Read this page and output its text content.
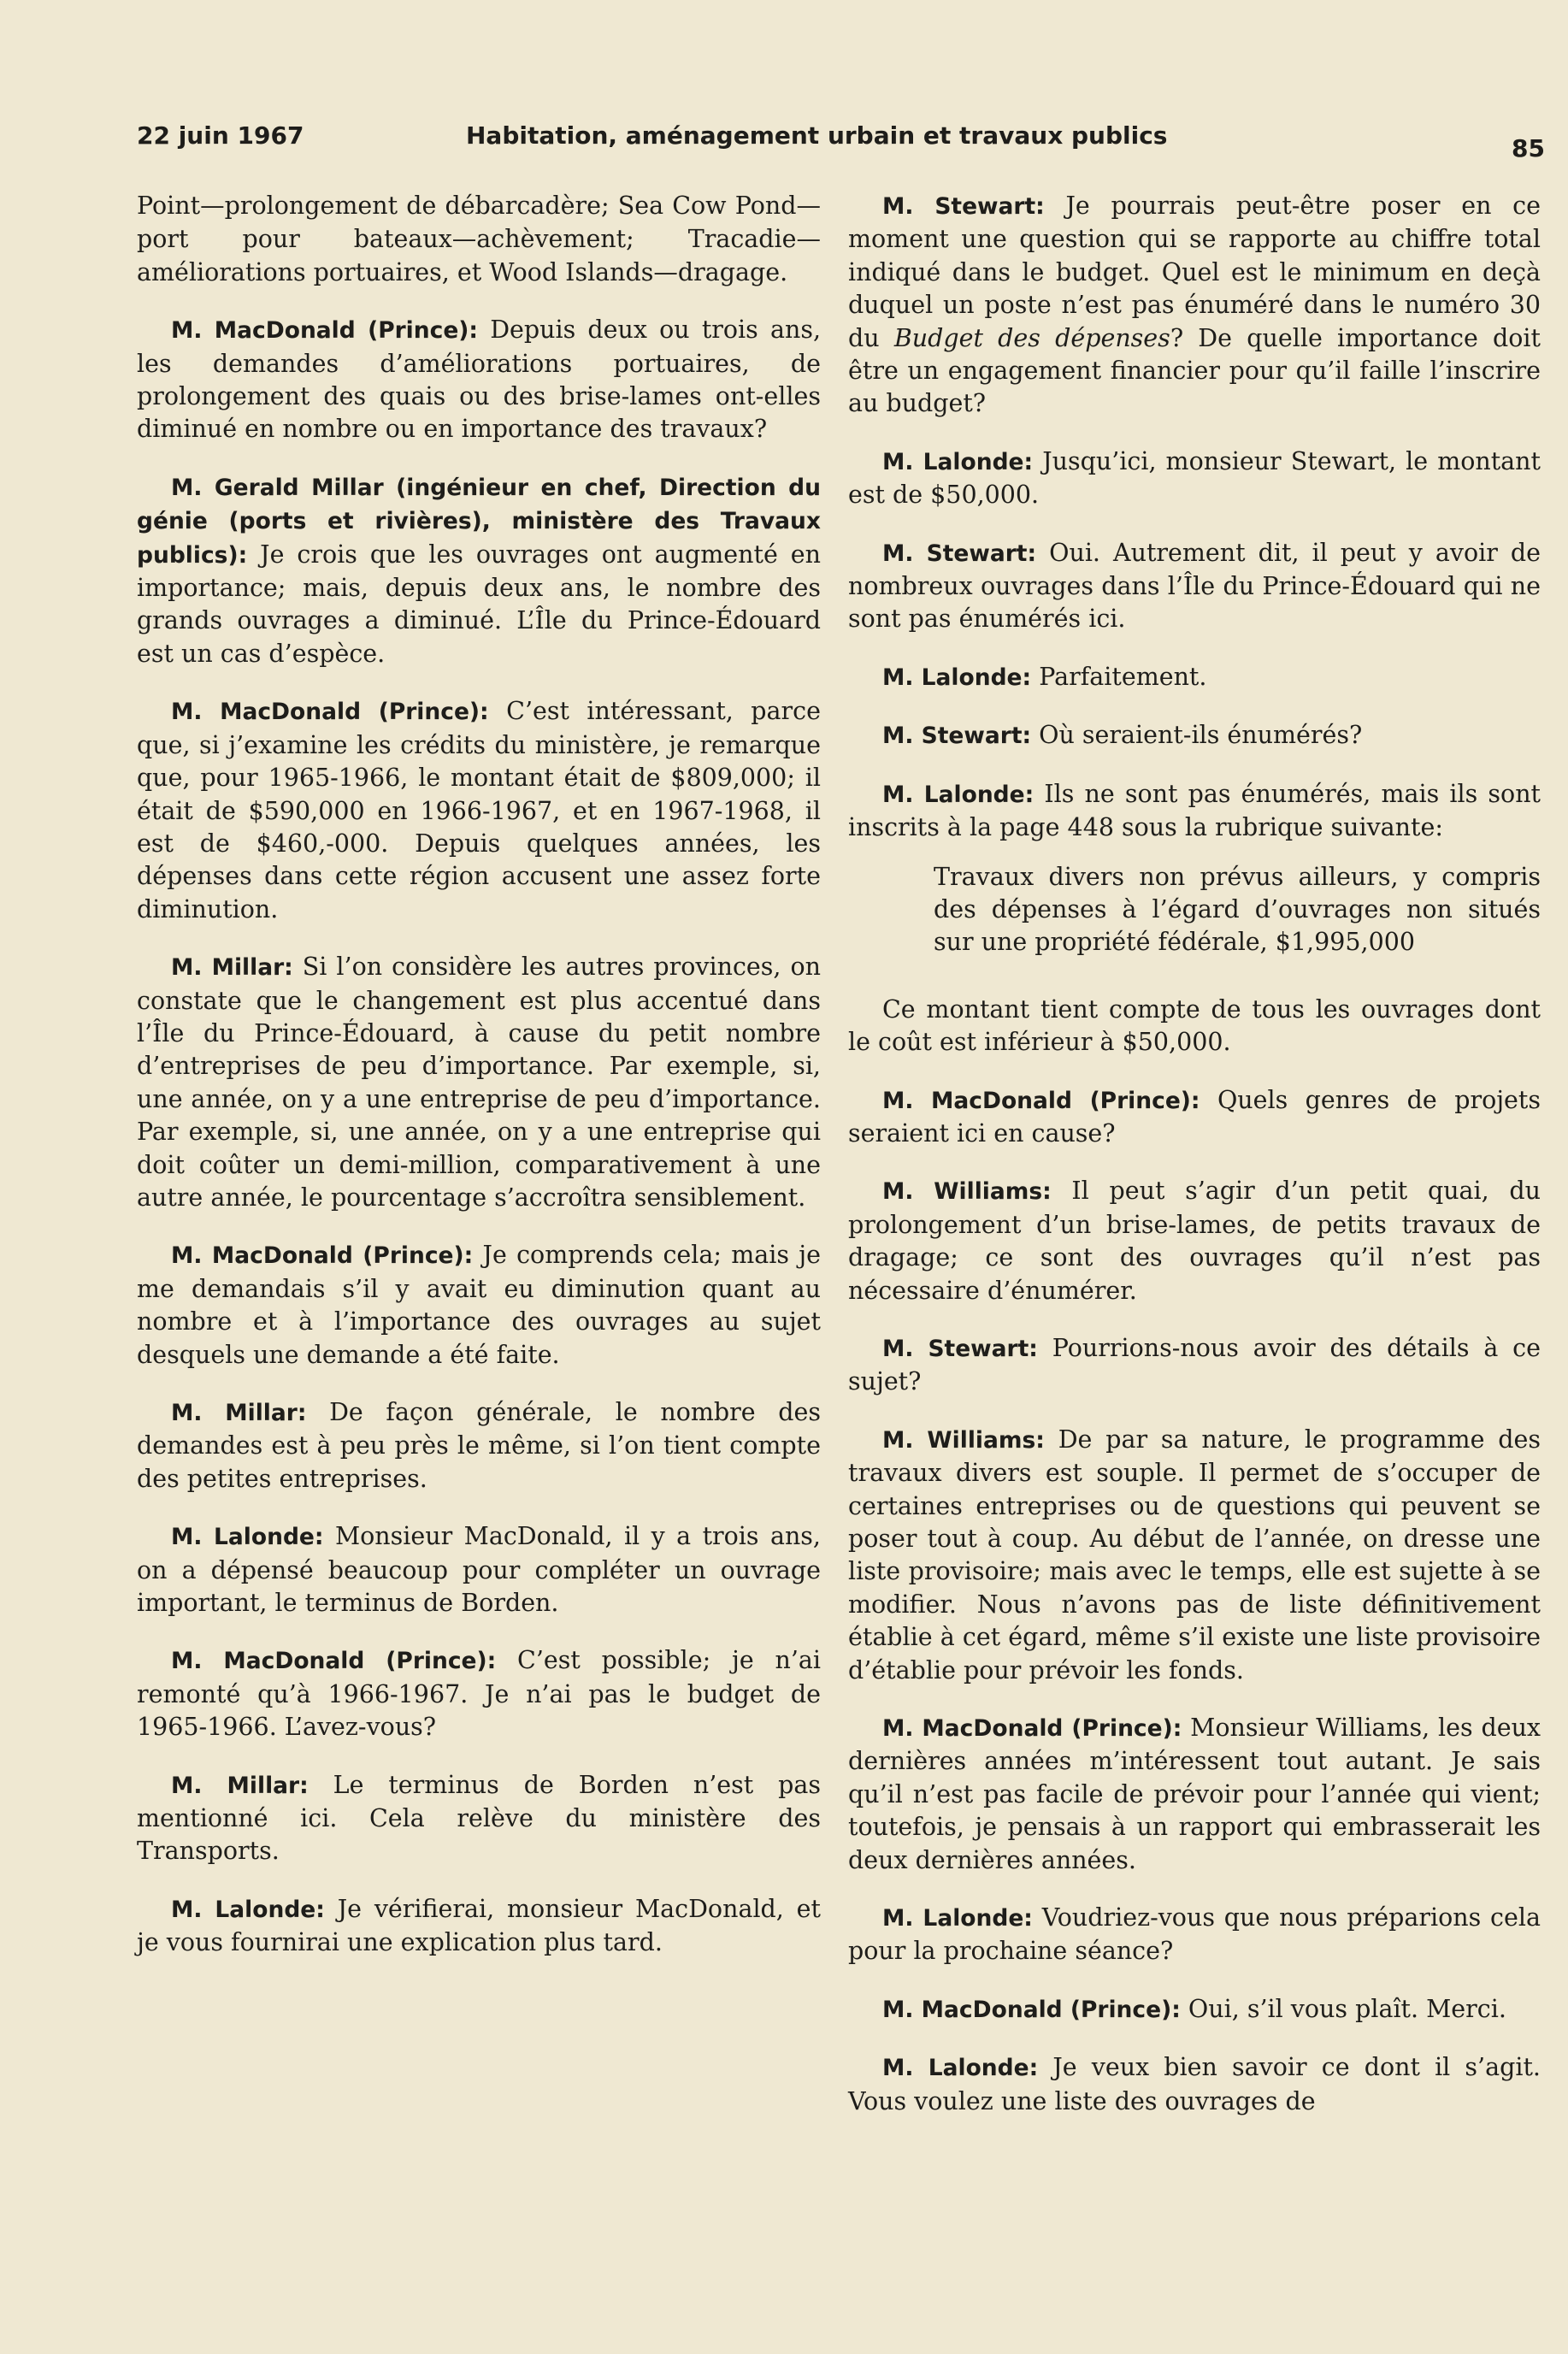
22 juin 1967	Habitation, aménagement urbain et travaux publics	85

Point—prolongement de débarcadère; Sea Cow Pond—port pour bateaux—achèvement; Tracadie—améliorations portuaires, et Wood Islands—dragage.

M. MacDonald (Prince): Depuis deux ou trois ans, les demandes d’améliorations portuaires, de prolongement des quais ou des brise-lames ont-elles diminué en nombre ou en importance des travaux?

M. Gerald Millar (ingénieur en chef, Direction du génie (ports et rivières), ministère des Travaux publics): Je crois que les ouvrages ont augmenté en importance; mais, depuis deux ans, le nombre des grands ouvrages a diminué. L’Île du Prince-Édouard est un cas d’espèce.

M. MacDonald (Prince): C’est intéressant, parce que, si j’examine les crédits du ministère, je remarque que, pour 1965-1966, le montant était de $809,000; il était de $590,000 en 1966-1967, et en 1967-1968, il est de $460,-000. Depuis quelques années, les dépenses dans cette région accusent une assez forte diminution.

M. Millar: Si l’on considère les autres provinces, on constate que le changement est plus accentué dans l’Île du Prince-Édouard, à cause du petit nombre d’entreprises de peu d’importance. Par exemple, si, une année, on y a une entreprise de peu d’importance. Par exemple, si, une année, on y a une entreprise qui doit coûter un demi-million, comparativement à une autre année, le pourcentage s’accroîtra sensiblement.

M. MacDonald (Prince): Je comprends cela; mais je me demandais s’il y avait eu diminution quant au nombre et à l’importance des ouvrages au sujet desquels une demande a été faite.

M. Millar: De façon générale, le nombre des demandes est à peu près le même, si l’on tient compte des petites entreprises.

M. Lalonde: Monsieur MacDonald, il y a trois ans, on a dépensé beaucoup pour compléter un ouvrage important, le terminus de Borden.

M. MacDonald (Prince): C’est possible; je n’ai remonté qu’à 1966-1967. Je n’ai pas le budget de 1965-1966. L’avez-vous?

M. Millar: Le terminus de Borden n’est pas mentionné ici. Cela relève du ministère des Transports.

M. Lalonde: Je vérifierai, monsieur MacDonald, et je vous fournirai une explication plus tard.

M. Stewart: Je pourrais peut-être poser en ce moment une question qui se rapporte au chiffre total indiqué dans le budget. Quel est le minimum en deçà duquel un poste n’est pas énuméré dans le numéro 30 du Budget des dépenses? De quelle importance doit être un engagement financier pour qu’il faille l’inscrire au budget?

M. Lalonde: Jusqu’ici, monsieur Stewart, le montant est de $50,000.

M. Stewart: Oui. Autrement dit, il peut y avoir de nombreux ouvrages dans l’Île du Prince-Édouard qui ne sont pas énumérés ici.

M. Lalonde: Parfaitement.

M. Stewart: Où seraient-ils énumérés?

M. Lalonde: Ils ne sont pas énumérés, mais ils sont inscrits à la page 448 sous la rubrique suivante:

Travaux divers non prévus ailleurs, y compris des dépenses à l’égard d’ouvrages non situés sur une propriété fédérale, $1,995,000

Ce montant tient compte de tous les ouvrages dont le coût est inférieur à $50,000.

M. MacDonald (Prince): Quels genres de projets seraient ici en cause?

M. Williams: Il peut s’agir d’un petit quai, du prolongement d’un brise-lames, de petits travaux de dragage; ce sont des ouvrages qu’il n’est pas nécessaire d’énumérer.

M. Stewart: Pourrions-nous avoir des détails à ce sujet?

M. Williams: De par sa nature, le programme des travaux divers est souple. Il permet de s’occuper de certaines entreprises ou de questions qui peuvent se poser tout à coup. Au début de l’année, on dresse une liste provisoire; mais avec le temps, elle est sujette à se modifier. Nous n’avons pas de liste définitivement établie à cet égard, même s’il existe une liste provisoire d’établie pour prévoir les fonds.

M. MacDonald (Prince): Monsieur Williams, les deux dernières années m’intéressent tout autant. Je sais qu’il n’est pas facile de prévoir pour l’année qui vient; toutefois, je pensais à un rapport qui embrasserait les deux dernières années.

M. Lalonde: Voudriez-vous que nous préparions cela pour la prochaine séance?

M. MacDonald (Prince): Oui, s’il vous plaît. Merci.

M. Lalonde: Je veux bien savoir ce dont il s’agit. Vous voulez une liste des ouvrages de
